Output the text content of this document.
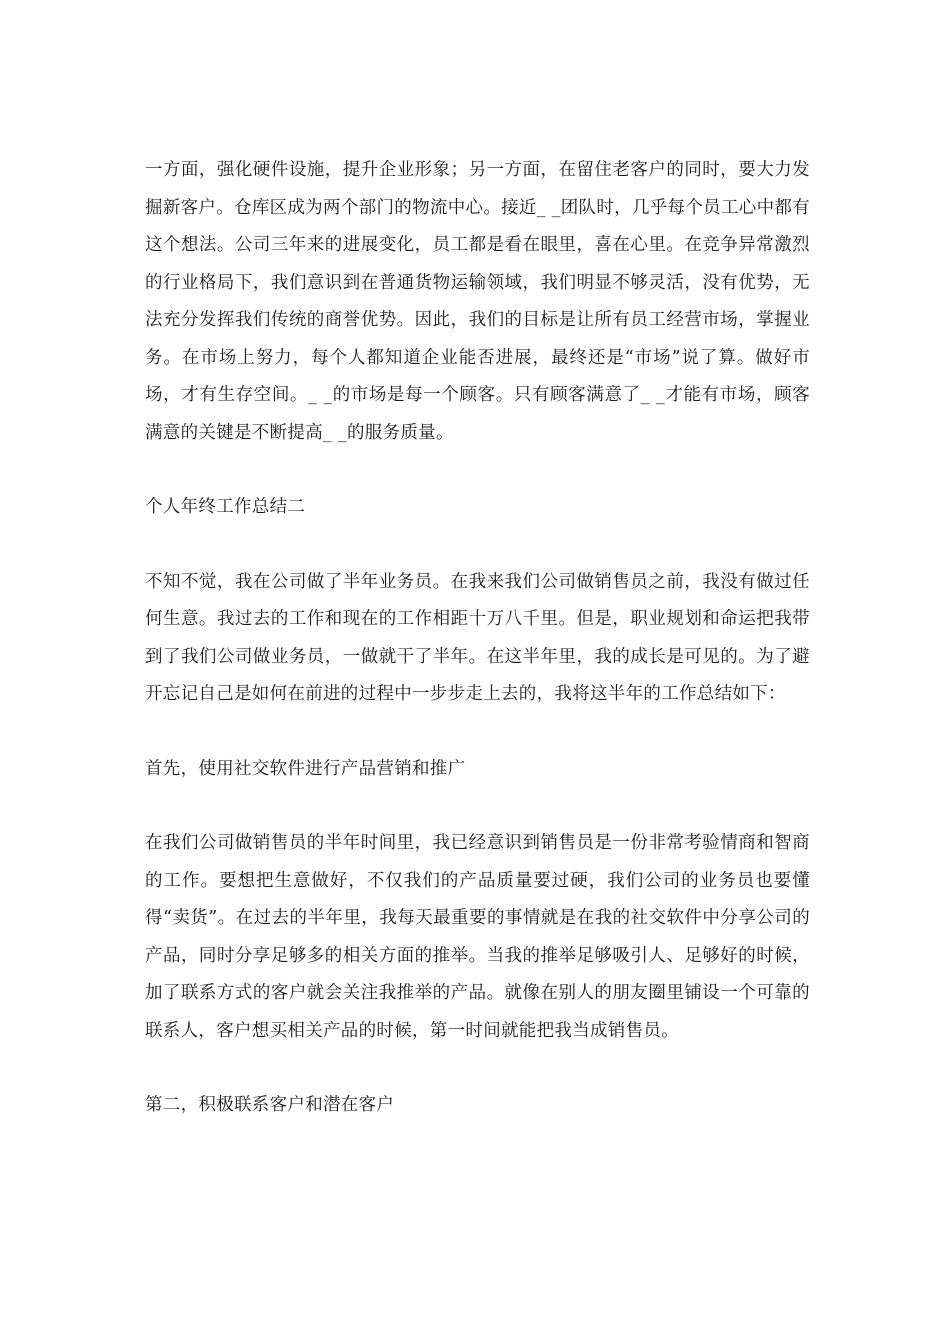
一方面，强化硬件设施，提升企业形象；另一方面，在留住老客户的同时，要大力发掘新客户。仓库区成为两个部门的物流中心。接近_ _团队时，几乎每个员工心中都有这个想法。公司三年来的进展变化，员工都是看在眼里，喜在心里。在竞争异常激烈的行业格局下，我们意识到在普通货物运输领域，我们明显不够灵活，没有优势，无法充分发挥我们传统的商誉优势。因此，我们的目标是让所有员工经营市场，掌握业务。在市场上努力，每个人都知道企业能否进展，最终还是“市场”说了算。做好市场，才有生存空间。_ _的市场是每一个顾客。只有顾客满意了_ _才能有市场，顾客满意的关键是不断提高_ _的服务质量。

个人年终工作总结二

不知不觉，我在公司做了半年业务员。在我来我们公司做销售员之前，我没有做过任何生意。我过去的工作和现在的工作相距十万八千里。但是，职业规划和命运把我带到了我们公司做业务员，一做就干了半年。在这半年里，我的成长是可见的。为了避开忘记自己是如何在前进的过程中一步步走上去的，我将这半年的工作总结如下：

首先，使用社交软件进行产品营销和推广

在我们公司做销售员的半年时间里，我已经意识到销售员是一份非常考验情商和智商的工作。要想把生意做好，不仅我们的产品质量要过硬，我们公司的业务员也要懂得“卖货”。在过去的半年里，我每天最重要的事情就是在我的社交软件中分享公司的产品，同时分享足够多的相关方面的推举。当我的推举足够吸引人、足够好的时候，加了联系方式的客户就会关注我推举的产品。就像在别人的朋友圈里铺设一个可靠的联系人，客户想买相关产品的时候，第一时间就能把我当成销售员。

第二，积极联系客户和潜在客户
